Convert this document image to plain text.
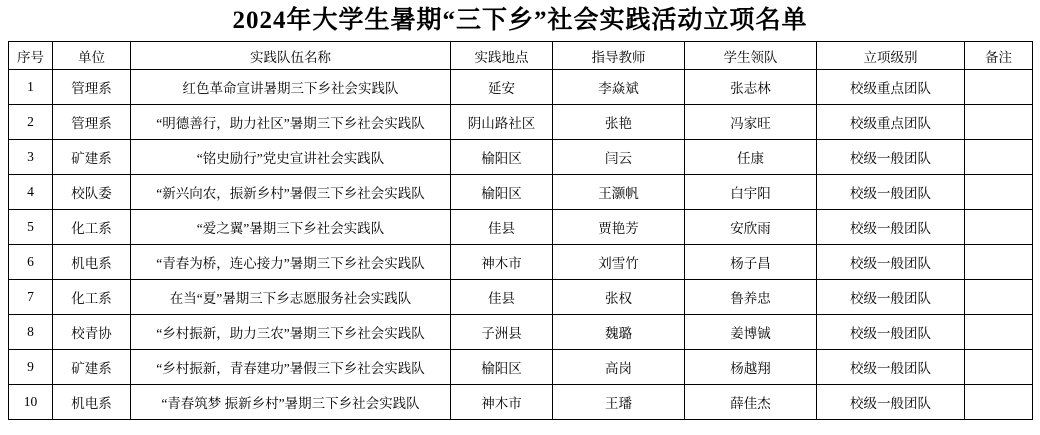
2024年大学生暑期“三下乡”社会实践活动立项名单
序号	单位	实践队伍名称	实践地点	指导教师	学生领队	立项级别	备注
1	管理系	红色革命宣讲暑期三下乡社会实践队	延安	李焱斌	张志林	校级重点团队	
2	管理系	“明德善行，助力社区”暑期三下乡社会实践队	阴山路社区	张艳	冯家旺	校级重点团队	
3	矿建系	“铭史励行”党史宣讲社会实践队	榆阳区	闫云	任康	校级一般团队	
4	校队委	“新兴向农，振新乡村”暑假三下乡社会实践队	榆阳区	王灏帆	白宇阳	校级一般团队	
5	化工系	“爱之翼”暑期三下乡社会实践队	佳县	贾艳芳	安欣雨	校级一般团队	
6	机电系	“青春为桥，连心接力”暑期三下乡社会实践队	神木市	刘雪竹	杨子昌	校级一般团队	
7	化工系	在当“夏”暑期三下乡志愿服务社会实践队	佳县	张权	鲁养忠	校级一般团队	
8	校青协	“乡村振新，助力三农”暑期三下乡社会实践队	子洲县	魏璐	姜博铖	校级一般团队	
9	矿建系	“乡村振新，青春建功”暑假三下乡社会实践队	榆阳区	高岗	杨越翔	校级一般团队	
10	机电系	“青春筑梦 振新乡村”暑期三下乡社会实践队	神木市	王璠	薛佳杰	校级一般团队	
